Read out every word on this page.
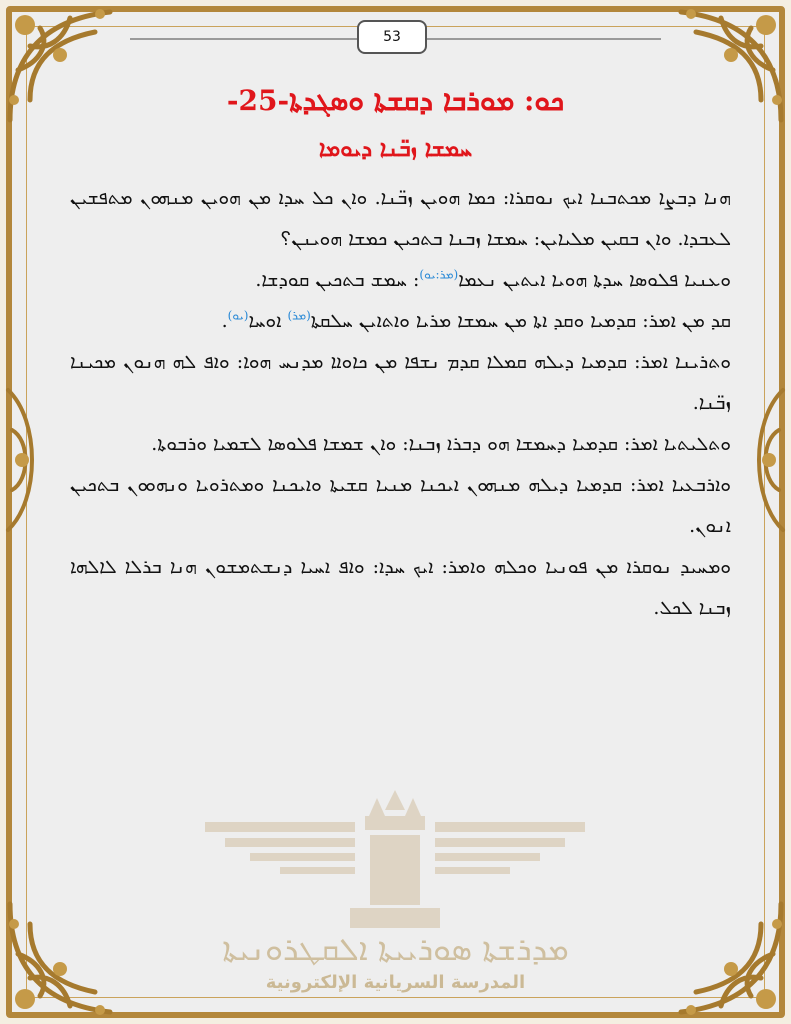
53
ܟܘ: ܡܘܪܒܐ ܕܩܫܬܐ ܘܣܓܕܬܐ-25-
ܚܡܫܐ ܙܒ̈ܢܐ ܕܝܘܡܐ

ܗܢܐ ܕܒܨܐ ܡܟܬܒܢܐ ܐܝܟ ܢܘܩܪܐ: ܟܡܐ ܗܘܝܢ ܙܒ̈ܢܐ. ܘܐܢ ܟܠ ܚܕܐ ܡܢ ܗܘܝܢ ܡܢܗܘܢ ܡܬܦܫܝܢ ܠܥܒܕܐ. ܘܐܢ ܒܩܝܢ ܡܠܝܐܝܢ: ܚܡܫܐ ܙܒܢܐ ܒܬܟܝܢ ܟܡܫܐ ܗܘܝܢܢ؟

ܘܥܢܝܐ ܦܠܘܣܐ ܚܕܬܐ ܗܘܝܐ ܐܝܬܝܢ ܢܥܡܐ$^{(ܡܪ:ܝܘ)}$: ܚܡܫ ܒܬܟܝܢ ܩܘܕܫܐ.

ܩܕ ܡܢ ܐܡܪ: ܩܕܡܝܐ ܘܩܕ ܐܬܐ ܡܢ ܚܡܫܐ ܡܪܝܐ ܘܐܬܐܝܢ ܚܠܩܬܐ$^{(ܡܪ)}$ ܐܘܚܐ$^{(ܝܘ)}$.

ܘܬܪܝܢܐ ܐܡܪ: ܩܕܡܝܐ ܕܝܠܗ ܩܡܠܐ ܩܕܡ ܢܫܦܐ ܡܢ ܟܐܘܐܐ ܡܕܢܚ ܗܘܐ: ܘܐܦ ܠܗ ܗܢܘܢ ܡܟܝܢܐ ܙܒ̈ܢܐ.

ܘܬܠܝܬܝܐ ܐܡܪ: ܩܕܡܝܐ ܕܚܡܫܐ ܗܘ ܕܒܪܐ ܙܒܢܐ: ܘܐܢ ܫܡܫܐ ܦܠܘܣܐ ܠܫܡܝܐ ܘܪܒܘܬܐ.

ܘܐܪܒܥܝܐ ܐܡܪ: ܩܕܡܝܐ ܕܝܠܗ ܡܢܗܘܢ ܐܝܟܢܐ ܡܢܝܐ ܩܫܝܬܐ ܘܐܝܟܢܐ ܘܡܬܪܘܝܐ ܘܢܗܘܘܢ ܒܬܟܝܢ ܐܢܘܢ.

ܘܡܚܝܕ ܢܘܩܪܐ ܡܢ ܦܘܢܝܐ ܘܟܠܗ ܘܐܡܪ: ܐܝܟ ܚܕܐ: ܘܐܦ ܐܚܝܐ ܕܢܫܬܡܫܘܢ ܗܢܐ ܒܪܠܐ ܠܐܠܗܐ ܙܒܢܐ ܠܟܠ.

ܡܕܪܫܬܐ ܣܘܪܝܝܬܐ ܐܠܩܛܪܘܢܝܬܐ
المدرسة السريانية الإلكترونية
